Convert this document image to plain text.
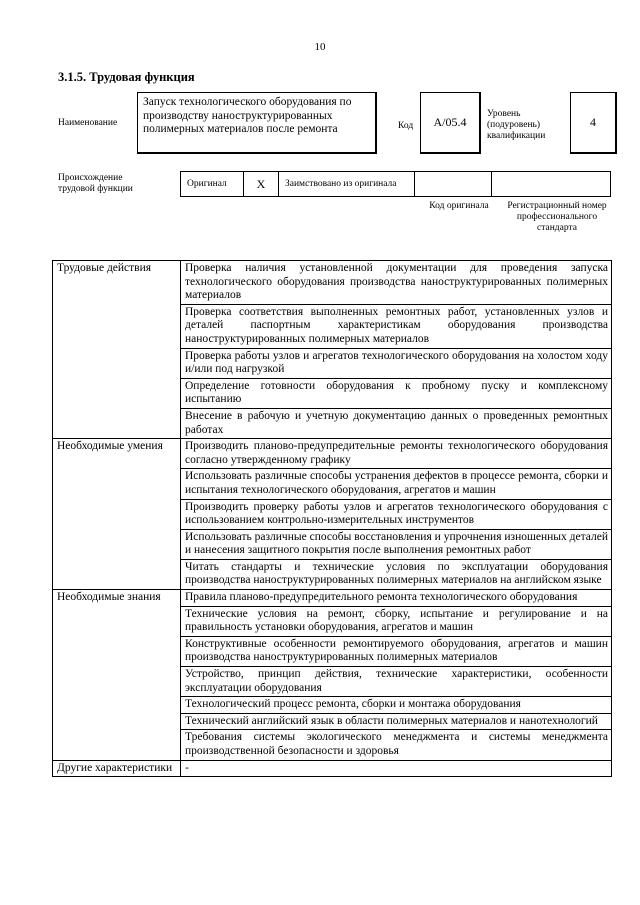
10
3.1.5. Трудовая функция
Наименование
Запуск технологического оборудования по производству наноструктурированных полимерных материалов после ремонта	Код	A/05.4
Уровень (подуровень) квалификации
4
Происхождение трудовой функции	Оригинал	X	Заимствовано из оригинала		
Код оригинала	Регистрационный номер профессионального стандарта
Трудовые действия	Проверка наличия установленной документации для проведения запуска технологического оборудования производства наноструктурированных полимерных материалов
	Проверка соответствия выполненных ремонтных работ, установленных узлов и деталей паспортным характеристикам оборудования производства наноструктурированных полимерных материалов
	Проверка работы узлов и агрегатов технологического оборудования на холостом ходу и/или под нагрузкой
	Определение готовности оборудования к пробному пуску и комплексному испытанию
	Внесение в рабочую и учетную документацию данных о проведенных ремонтных работах
Необходимые умения	Производить планово-предупредительные ремонты технологического оборудования согласно утвержденному графику
	Использовать различные способы устранения дефектов в процессе ремонта, сборки и испытания технологического оборудования, агрегатов и машин
	Производить проверку работы узлов и агрегатов технологического оборудования с использованием контрольно-измерительных инструментов
	Использовать различные способы восстановления и упрочнения изношенных деталей и нанесения защитного покрытия после выполнения ремонтных работ
	Читать стандарты и технические условия по эксплуатации оборудования производства наноструктурированных полимерных материалов на английском языке
Необходимые знания	Правила планово-предупредительного ремонта технологического оборудования
	Технические условия на ремонт, сборку, испытание и регулирование и на правильность установки оборудования, агрегатов и машин
	Конструктивные особенности ремонтируемого оборудования, агрегатов и машин производства наноструктурированных полимерных материалов
	Устройство, принцип действия, технические характеристики, особенности эксплуатации оборудования
	Технологический процесс ремонта, сборки и монтажа оборудования
	Технический английский язык в области полимерных материалов и нанотехнологий
	Требования системы экологического менеджмента и системы менеджмента производственной безопасности и здоровья
Другие характеристики	-
